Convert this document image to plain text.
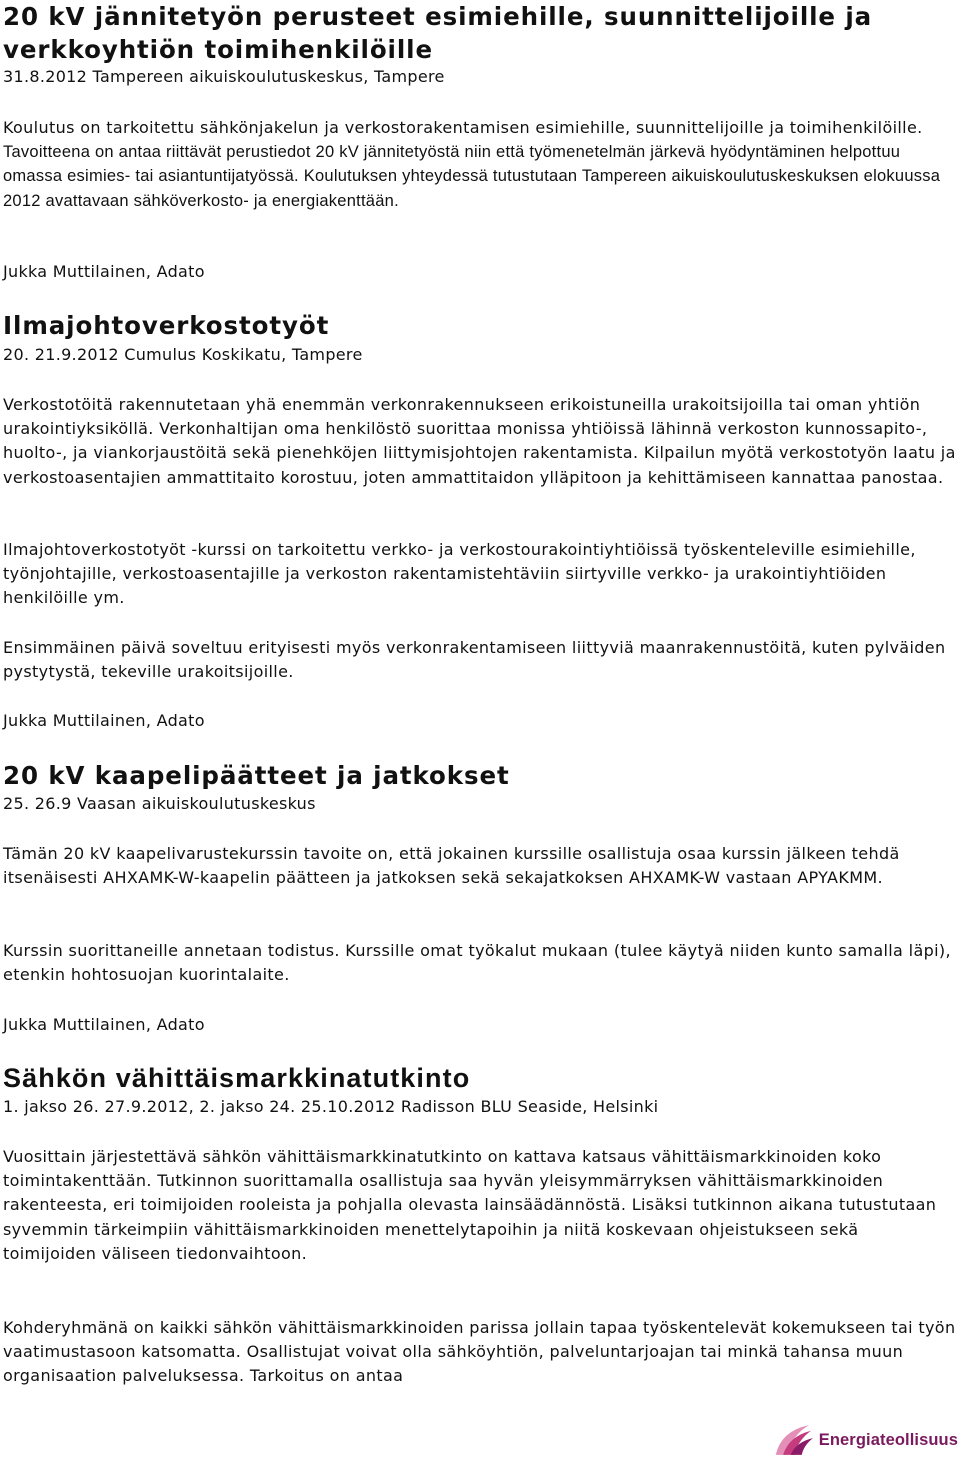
20 kV jännitetyön perusteet esimiehille, suunnittelijoille ja verkkoyhtiön toimihenkilöille

31.8.2012 Tampereen aikuiskoulutuskeskus, Tampere

Koulutus on tarkoitettu sähkönjakelun ja verkostorakentamisen esimiehille, suunnittelijoille ja toimihenkilöille. Tavoitteena on antaa riittävät perustiedot 20 kV jännitetyöstä niin että työmenetelmän järkevä hyödyntäminen helpottuu omassa esimies- tai asiantuntijatyössä. Koulutuksen yhteydessä tutustutaan Tampereen aikuiskoulutuskeskuksen elokuussa 2012 avattavaan sähköverkosto- ja energiakenttään.

Jukka Muttilainen, Adato

Ilmajohtoverkostotyöt

20. 21.9.2012 Cumulus Koskikatu, Tampere

Verkostotöitä rakennutetaan yhä enemmän verkonrakennukseen erikoistuneilla urakoitsijoilla tai oman yhtiön urakointiyksiköllä. Verkonhaltijan oma henkilöstö suorittaa monissa yhtiöissä lähinnä verkoston kunnossapito-, huolto-, ja viankorjaustöitä sekä pienehköjen liittymisjohtojen rakentamista. Kilpailun myötä verkostotyön laatu ja verkostoasentajien ammattitaito korostuu, joten ammattitaidon ylläpitoon ja kehittämiseen kannattaa panostaa.

Ilmajohtoverkostotyöt -kurssi on tarkoitettu verkko- ja verkostourakointiyhtiöissä työskenteleville esimiehille, työnjohtajille, verkostoasentajille ja verkoston rakentamistehtäviin siirtyville verkko- ja urakointiyhtiöiden henkilöille ym.

Ensimmäinen päivä soveltuu erityisesti myös verkonrakentamiseen liittyviä maanrakennustöitä, kuten pylväiden pystytystä, tekeville urakoitsijoille.

Jukka Muttilainen, Adato

20 kV kaapelipäätteet ja jatkokset

25. 26.9 Vaasan aikuiskoulutuskeskus

Tämän 20 kV kaapelivarustekurssin tavoite on, että jokainen kurssille osallistuja osaa kurssin jälkeen tehdä itsenäisesti AHXAMK-W-kaapelin päätteen ja jatkoksen sekä sekajatkoksen AHXAMK-W vastaan APYAKMM.

Kurssin suorittaneille annetaan todistus. Kurssille omat työkalut mukaan (tulee käytyä niiden kunto samalla läpi), etenkin hohtosuojan kuorintalaite.

Jukka Muttilainen, Adato

Sähkön vähittäismarkkinatutkinto

1. jakso 26. 27.9.2012, 2. jakso 24. 25.10.2012 Radisson BLU Seaside, Helsinki

Vuosittain järjestettävä sähkön vähittäismarkkinatutkinto on kattava katsaus vähittäismarkkinoiden koko toimintakenttään. Tutkinnon suorittamalla osallistuja saa hyvän yleisymmärryksen vähittäismarkkinoiden rakenteesta, eri toimijoiden rooleista ja pohjalla olevasta lainsäädännöstä. Lisäksi tutkinnon aikana tutustutaan syvemmin tärkeimpiin vähittäismarkkinoiden menettelytapoihin ja niitä koskevaan ohjeistukseen sekä toimijoiden väliseen tiedonvaihtoon.

Kohderyhmänä on kaikki sähkön vähittäismarkkinoiden parissa jollain tapaa työskentelevät kokemukseen tai työn vaatimustasoon katsomatta. Osallistujat voivat olla sähköyhtiön, palveluntarjoajan tai minkä tahansa muun organisaation palveluksessa. Tarkoitus on antaa

Energiateollisuus
